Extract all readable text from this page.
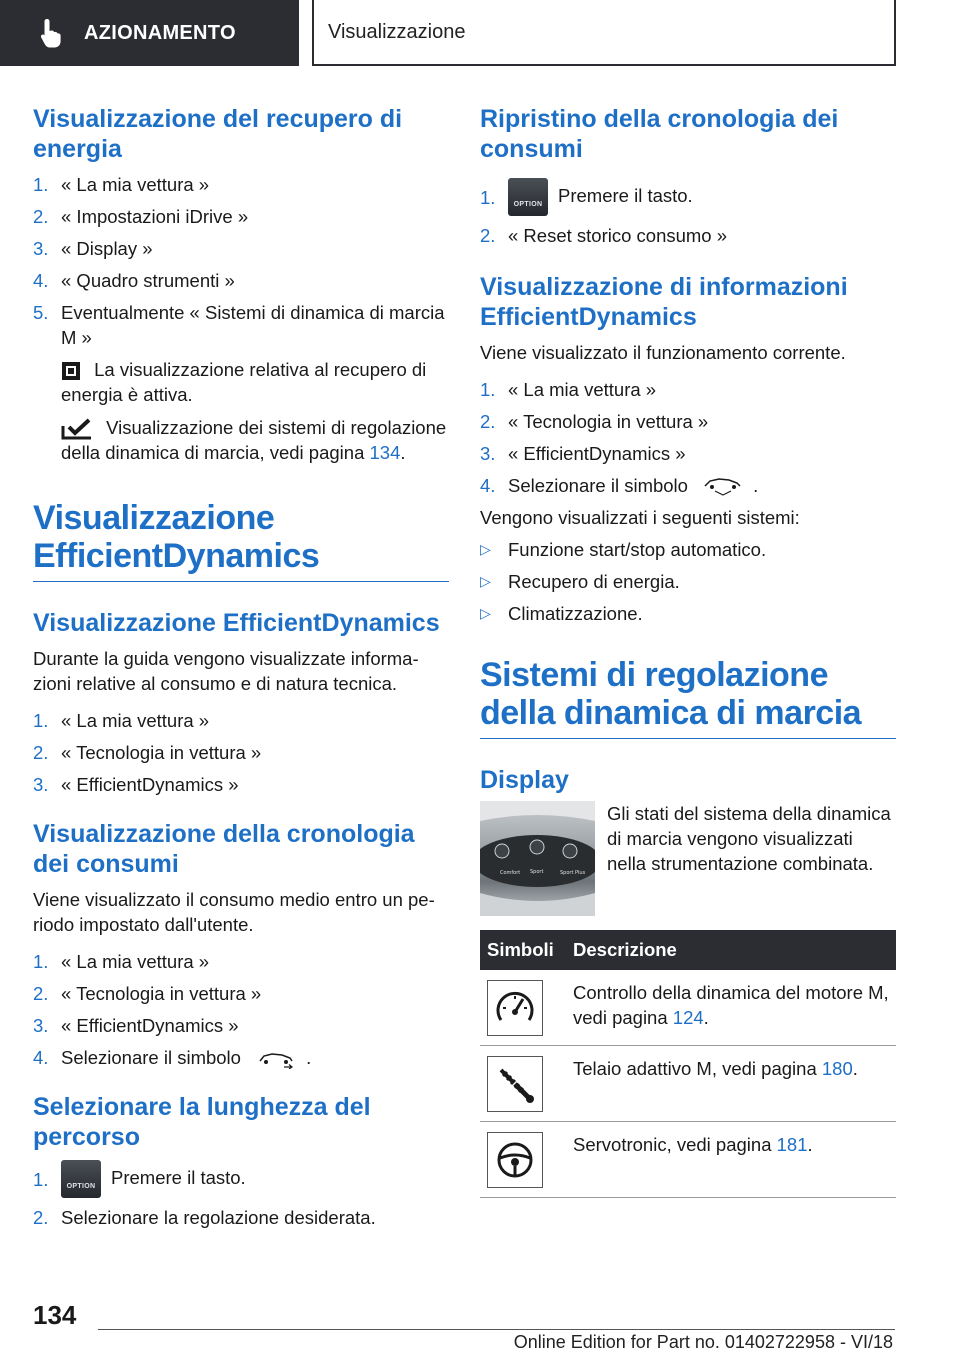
AZIONAMENTO	Visualizzazione
Visualizzazione del recupero di energia
1. « La mia vettura »
2. « Impostazioni iDrive »
3. « Display »
4. « Quadro strumenti »
5. Eventualmente « Sistemi di dinamica di marcia M »
La visualizzazione relativa al recupero di energia è attiva.
Visualizzazione dei sistemi di regolazione della dinamica di marcia, vedi pagina 134.
Visualizzazione EfficientDynamics
Visualizzazione EfficientDynamics

Durante la guida vengono visualizzate informa-zioni relative al consumo e di natura tecnica.

1. « La mia vettura »
2. « Tecnologia in vettura »
3. « EfficientDynamics »
Visualizzazione della cronologia dei consumi

Viene visualizzato il consumo medio entro un pe-riodo impostato dall'utente.

1. « La mia vettura »
2. « Tecnologia in vettura »
3. « EfficientDynamics »
4. Selezionare il simbolo	.
Selezionare la lunghezza del percorso
1.	OPTION Premere il tasto.
2. Selezionare la regolazione desiderata.
Ripristino della cronologia dei consumi
1.	OPTION Premere il tasto.
2. « Reset storico consumo »
Visualizzazione di informazioni EfficientDynamics

Viene visualizzato il funzionamento corrente.

1. « La mia vettura »
2. « Tecnologia in vettura »
3. « EfficientDynamics »
4. Selezionare il simbolo	.

Vengono visualizzati i seguenti sistemi:

▷ Funzione start/stop automatico.
▷ Recupero di energia.
▷ Climatizzazione.
Sistemi di regolazione della dinamica di marcia
Display
Comfort Sport	Sport Plus

Gli stati del sistema della dinamica di marcia vengono visualizzati nella strumentazione combinata.

Simboli	Descrizione

	Controllo della dinamica del motore M, vedi pagina 124.

	Telaio adattivo M, vedi pagina 180.

	Servotronic, vedi pagina 181.
134
Online Edition for Part no. 01402722958 - VI/18
